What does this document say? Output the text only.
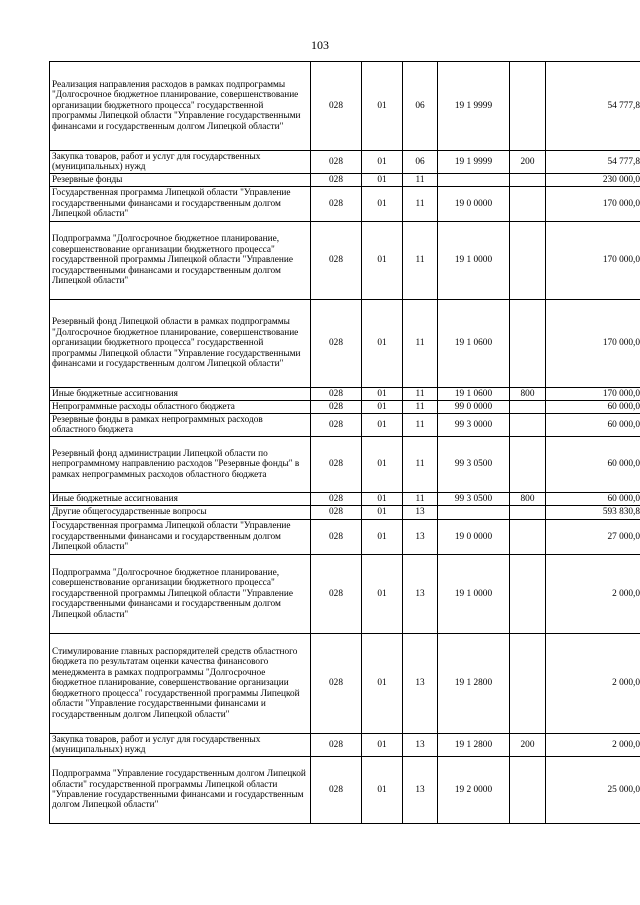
103
Реализация направления расходов в рамках подпрограммы "Долгосрочное бюджетное планирование, совершенствование организации бюджетного процесса" государственной программы Липецкой области "Управление государственными финансами и государственным долгом Липецкой области"	028	01	06	19 1 9999		54 777,8
Закупка товаров, работ и услуг для государственных (муниципальных) нужд	028	01	06	19 1 9999	200	54 777,8
Резервные фонды	028	01	11			230 000,0
Государственная программа Липецкой области "Управление государственными финансами и государственным долгом Липецкой области"	028	01	11	19 0 0000		170 000,0
Подпрограмма "Долгосрочное бюджетное планирование, совершенствование организации бюджетного процесса" государственной программы Липецкой области "Управление государственными финансами и государственным долгом Липецкой области"	028	01	11	19 1 0000		170 000,0
Резервный фонд Липецкой области в рамках подпрограммы "Долгосрочное бюджетное планирование, совершенствование организации бюджетного процесса" государственной программы Липецкой области "Управление государственными финансами и государственным долгом Липецкой области"	028	01	11	19 1 0600		170 000,0
Иные бюджетные ассигнования	028	01	11	19 1 0600	800	170 000,0
Непрограммные расходы областного бюджета	028	01	11	99 0 0000		60 000,0
Резервные фонды в рамках непрограммных расходов областного бюджета	028	01	11	99 3 0000		60 000,0
Резервный фонд администрации Липецкой области по непрограммному направлению расходов "Резервные фонды" в рамках непрограммных расходов областного бюджета	028	01	11	99 3 0500		60 000,0
Иные бюджетные ассигнования	028	01	11	99 3 0500	800	60 000,0
Другие общегосударственные вопросы	028	01	13			593 830,8
Государственная программа Липецкой области "Управление государственными финансами и государственным долгом Липецкой области"	028	01	13	19 0 0000		27 000,0
Подпрограмма "Долгосрочное бюджетное планирование, совершенствование организации бюджетного процесса" государственной программы Липецкой области "Управление государственными финансами и государственным долгом Липецкой области"	028	01	13	19 1 0000		2 000,0
Стимулирование главных распорядителей средств областного бюджета по результатам оценки качества финансового менеджмента в рамках подпрограммы "Долгосрочное бюджетное планирование, совершенствование организации бюджетного процесса" государственной программы Липецкой области "Управление государственными финансами и государственным долгом Липецкой области"	028	01	13	19 1 2800		2 000,0
Закупка товаров, работ и услуг для государственных (муниципальных) нужд	028	01	13	19 1 2800	200	2 000,0
Подпрограмма "Управление государственным долгом Липецкой области" государственной программы Липецкой области "Управление государственными финансами и государственным долгом Липецкой области"	028	01	13	19 2 0000		25 000,0
